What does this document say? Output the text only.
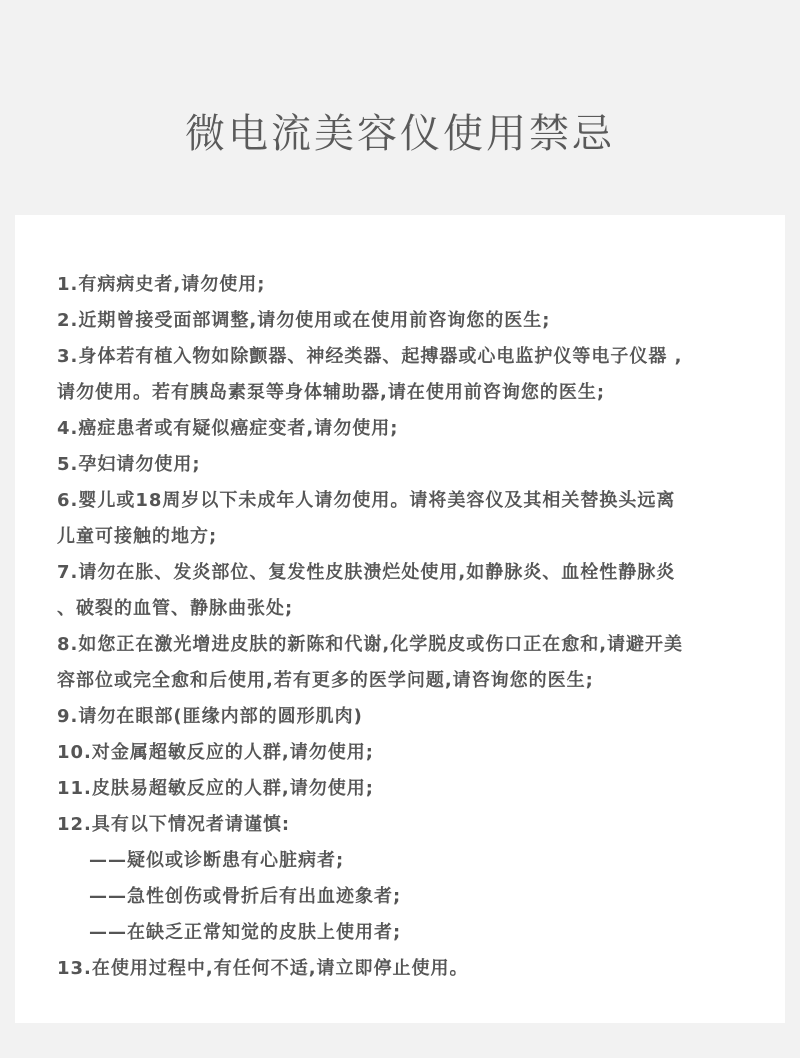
微电流美容仪使用禁忌
1.有病病史者,请勿使用;
2.近期曾接受面部调整,请勿使用或在使用前咨询您的医生;
3.身体若有植入物如除颤器、神经类器、起搏器或心电监护仪等电子仪器 ,
请勿使用。若有胰岛素泵等身体辅助器,请在使用前咨询您的医生;
4.癌症患者或有疑似癌症变者,请勿使用;
5.孕妇请勿使用;
6.婴儿或18周岁以下未成年人请勿使用。请将美容仪及其相关替换头远离
儿童可接触的地方;
7.请勿在胀、发炎部位、复发性皮肤溃烂处使用,如静脉炎、血栓性静脉炎
、破裂的血管、静脉曲张处;
8.如您正在激光增进皮肤的新陈和代谢,化学脱皮或伤口正在愈和,请避开美
容部位或完全愈和后使用,若有更多的医学问题,请咨询您的医生;
9.请勿在眼部(匪缘内部的圆形肌肉)
10.对金属超敏反应的人群,请勿使用;
11.皮肤易超敏反应的人群,请勿使用;
12.具有以下情况者请谨慎:
——疑似或诊断患有心脏病者;
——急性创伤或骨折后有出血迹象者;
——在缺乏正常知觉的皮肤上使用者;
13.在使用过程中,有任何不适,请立即停止使用。
